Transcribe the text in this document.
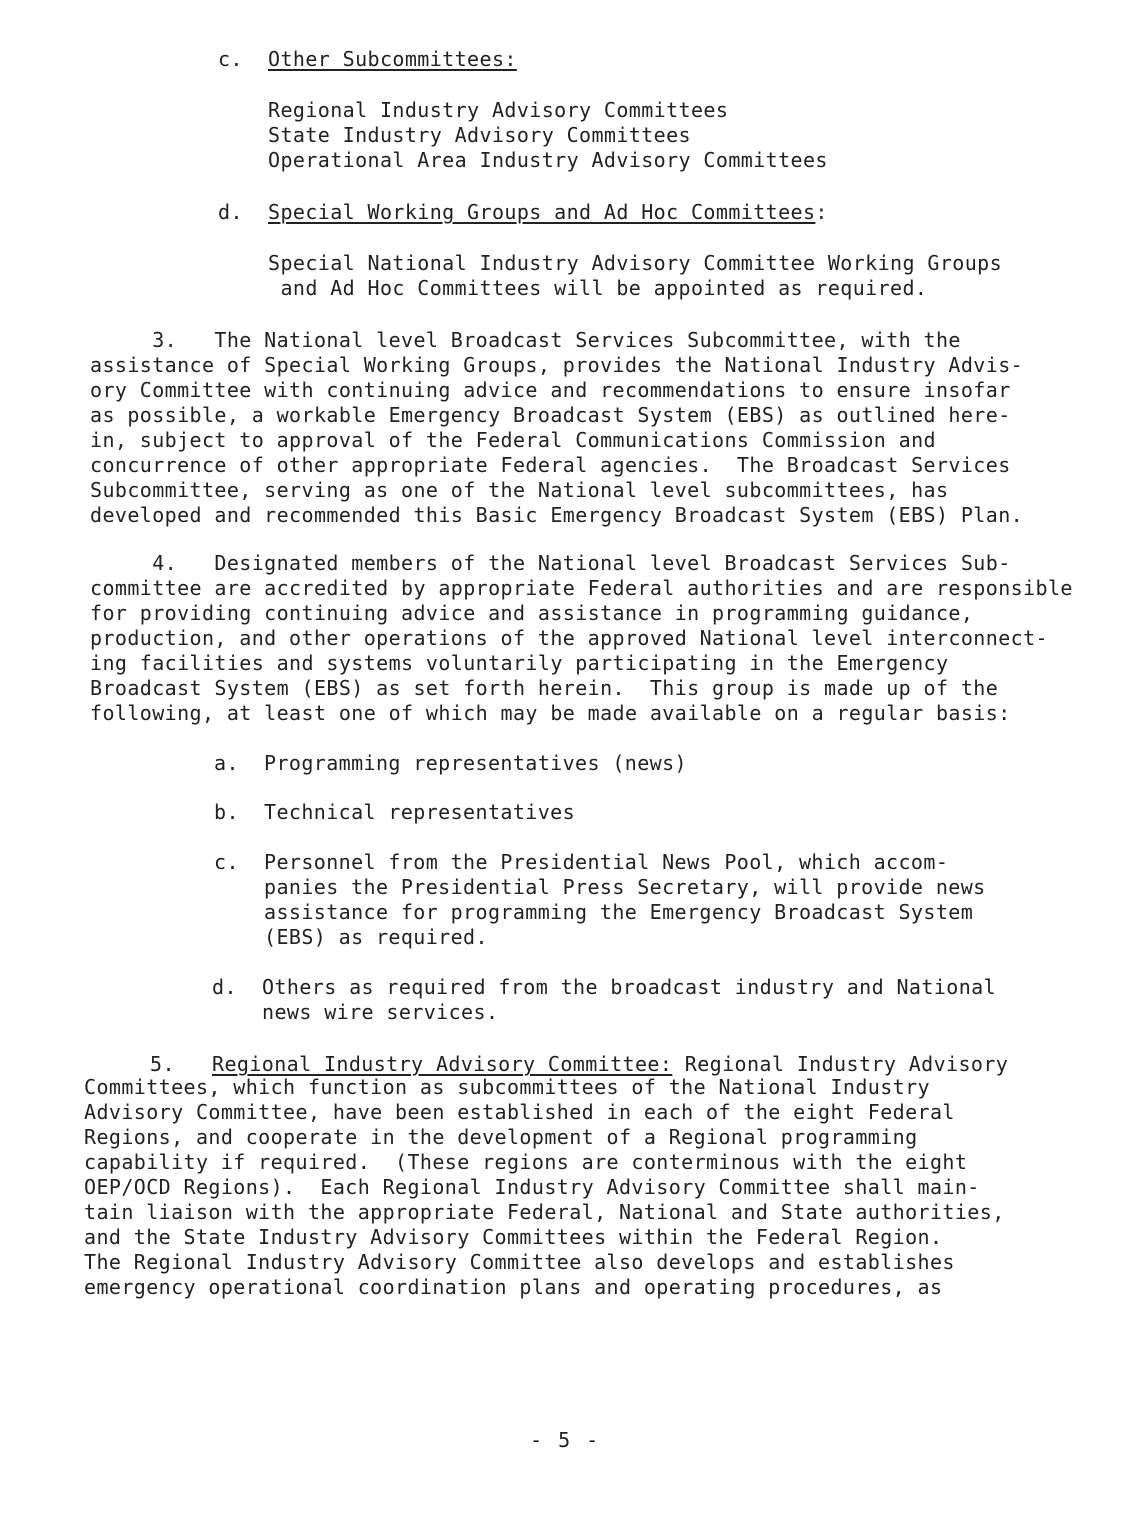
c. Other Subcommittees:
Regional Industry Advisory Committees
State Industry Advisory Committees
Operational Area Industry Advisory Committees
d. Special Working Groups and Ad Hoc Committees:
Special National Industry Advisory Committee Working Groups
and Ad Hoc Committees will be appointed as required.
3.   The National level Broadcast Services Subcommittee, with the
assistance of Special Working Groups, provides the National Industry Advis-
ory Committee with continuing advice and recommendations to ensure insofar
as possible, a workable Emergency Broadcast System (EBS) as outlined here-
in, subject to approval of the Federal Communications Commission and
concurrence of other appropriate Federal agencies.  The Broadcast Services
Subcommittee, serving as one of the National level subcommittees, has
developed and recommended this Basic Emergency Broadcast System (EBS) Plan.
4.   Designated members of the National level Broadcast Services Sub-
committee are accredited by appropriate Federal authorities and are responsible
for providing continuing advice and assistance in programming guidance,
production, and other operations of the approved National level interconnect-
ing facilities and systems voluntarily participating in the Emergency
Broadcast System (EBS) as set forth herein.  This group is made up of the
following, at least one of which may be made available on a regular basis:
a. Programming representatives (news)
b. Technical representatives
c. Personnel from the Presidential News Pool, which accom-
panies the Presidential Press Secretary, will provide news
assistance for programming the Emergency Broadcast System
(EBS) as required.
d. Others as required from the broadcast industry and National
news wire services.
5. Regional Industry Advisory Committee: Regional Industry Advisory
Committees, which function as subcommittees of the National Industry
Advisory Committee, have been established in each of the eight Federal
Regions, and cooperate in the development of a Regional programming
capability if required.  (These regions are conterminous with the eight
OEP/OCD Regions).  Each Regional Industry Advisory Committee shall main-
tain liaison with the appropriate Federal, National and State authorities,
and the State Industry Advisory Committees within the Federal Region.
The Regional Industry Advisory Committee also develops and establishes
emergency operational coordination plans and operating procedures, as
- 5 -
